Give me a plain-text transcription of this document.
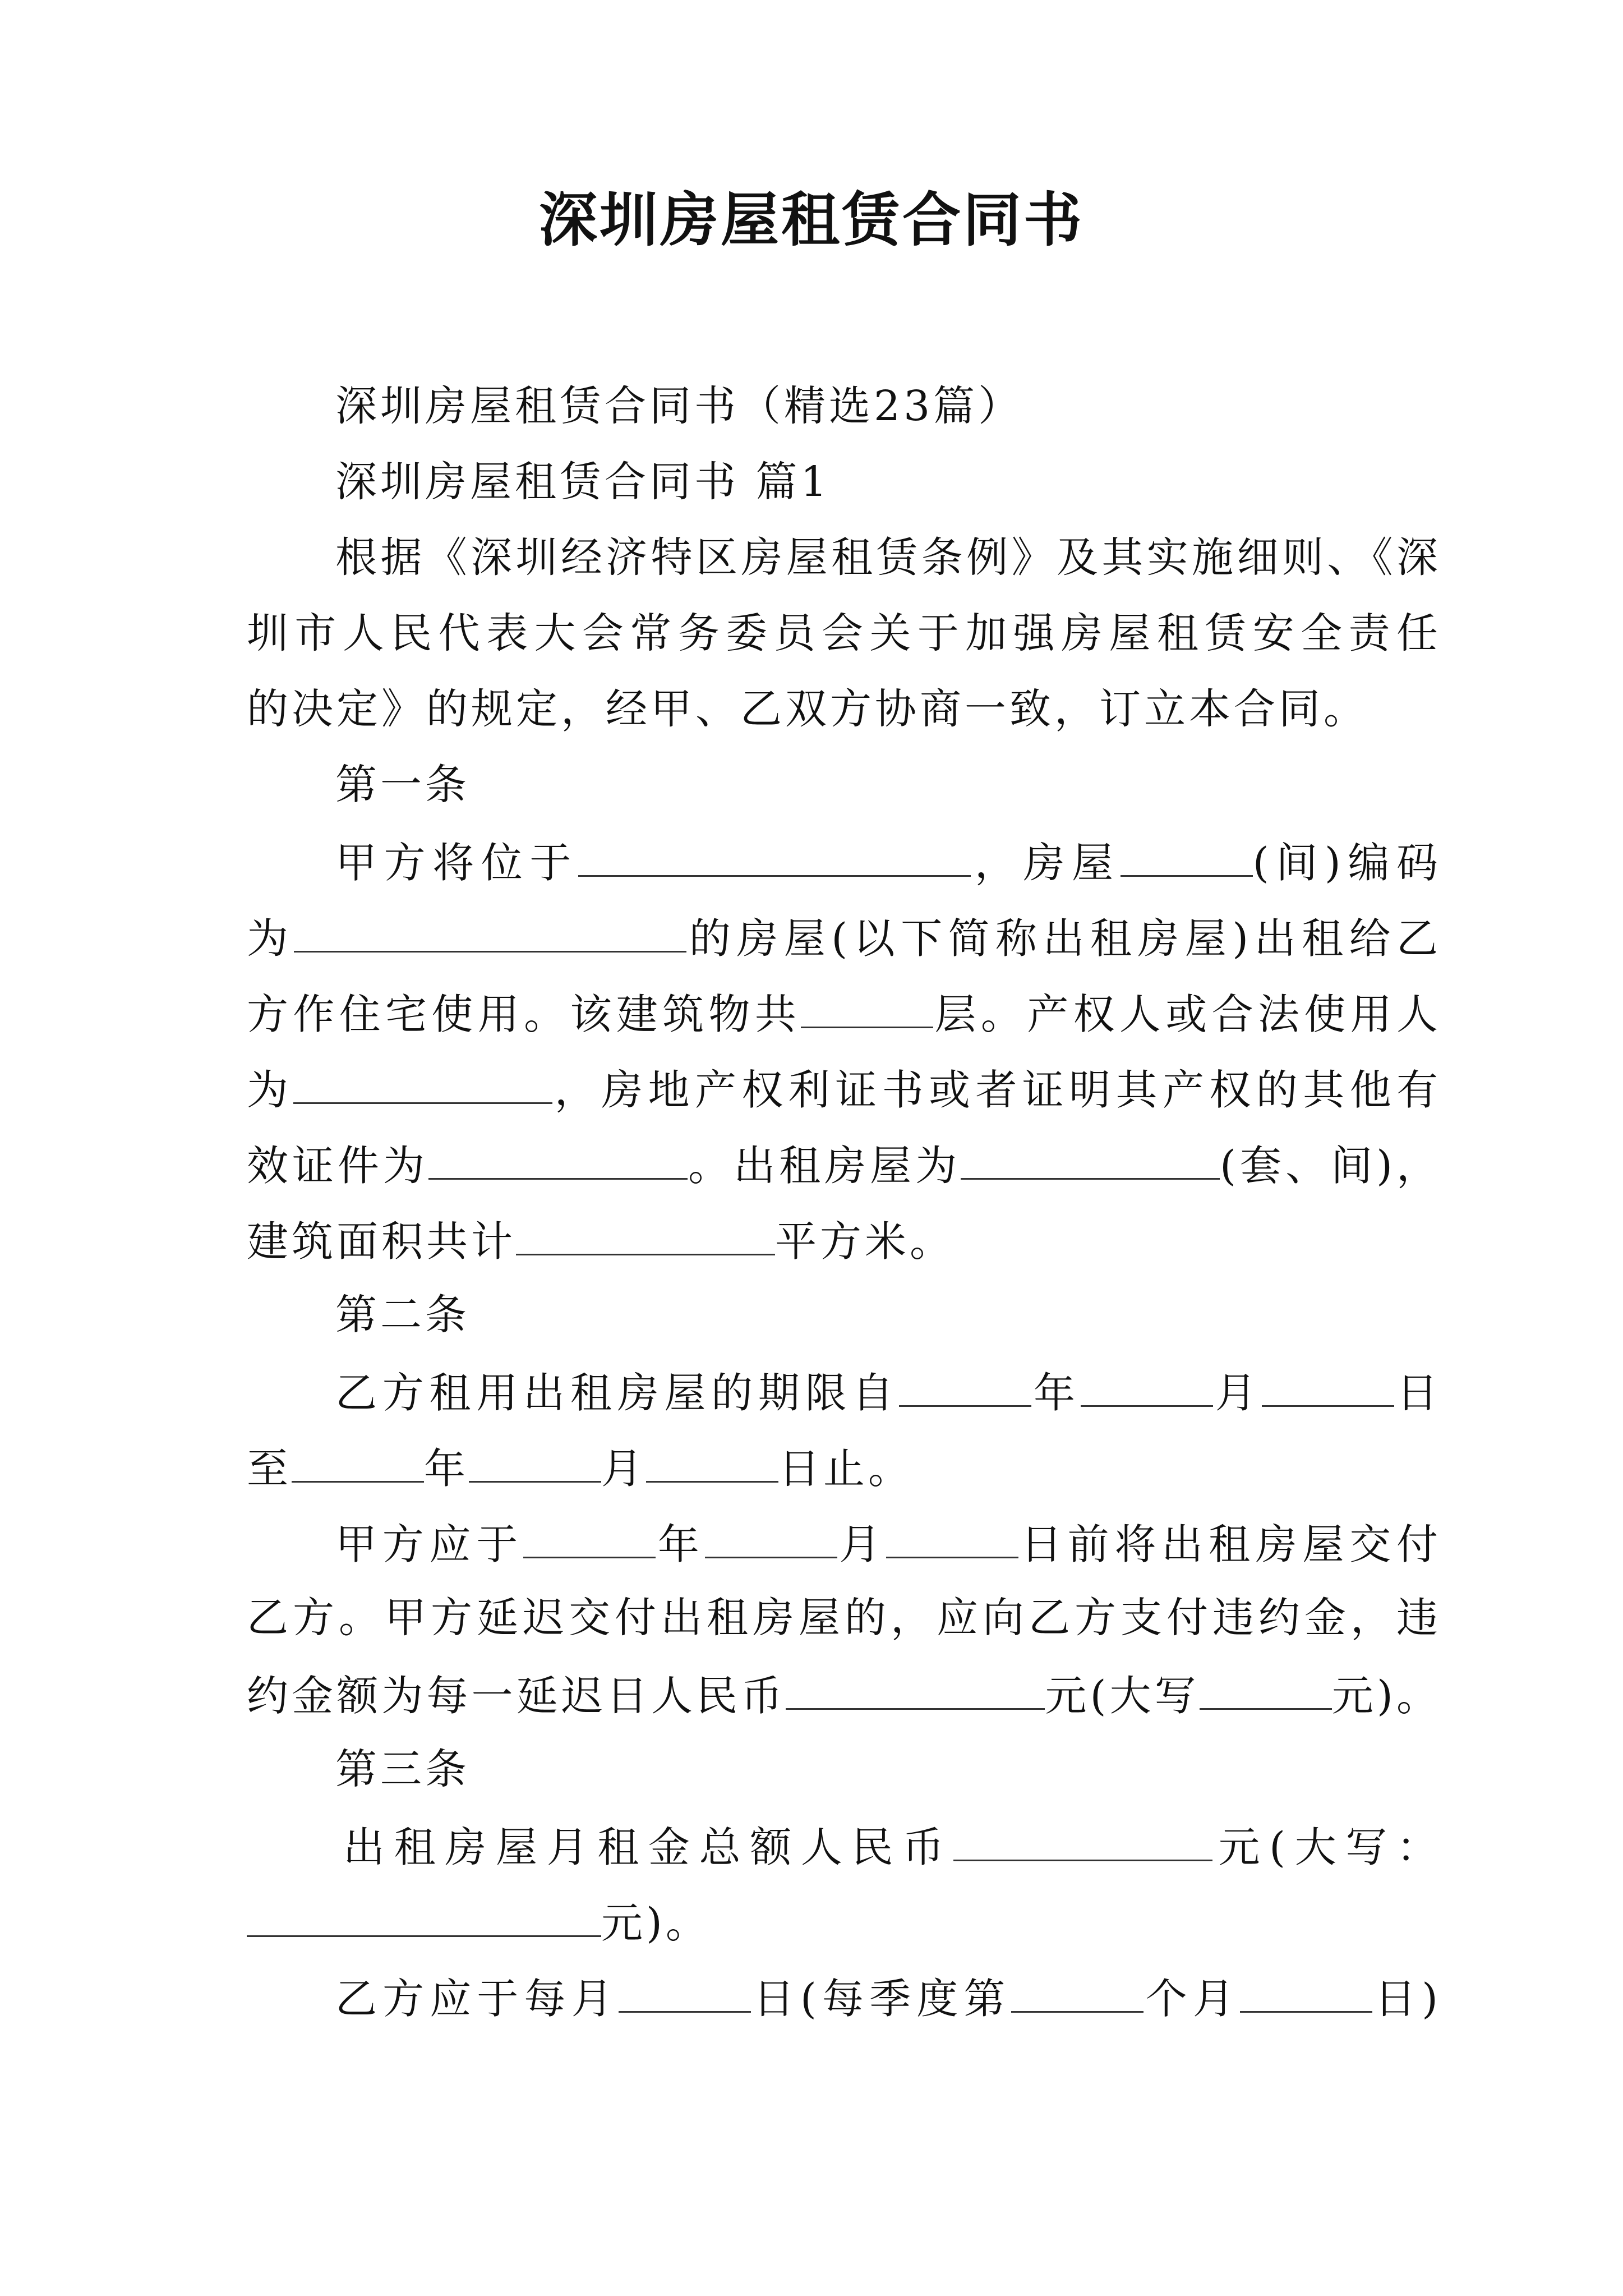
深圳房屋租赁合同书
深圳房屋租赁合同书（精选23篇）
深圳房屋租赁合同书 篇1
根据《深圳经济特区房屋租赁条例》及其实施细则、《深
圳市人民代表大会常务委员会关于加强房屋租赁安全责任
的决定》的规定，经甲、乙双方协商一致，订立本合同。
第一条
甲方将位于	，房屋	(间)编码
为	的房屋(以下简称出租房屋)出租给乙
方作住宅使用。该建筑物共	层。产权人或合法使用人
为	，房地产权利证书或者证明其产权的其他有
效证件为	。出租房屋为	(套、间)，
建筑面积共计	平方米。
第二条
乙方租用出租房屋的期限自	年	月	日
至	年	月	日止。
甲方应于	年	月	日前将出租房屋交付
乙方。甲方延迟交付出租房屋的，应向乙方支付违约金，违
约金额为每一延迟日人民币	元(大写	元)。
第三条
出租房屋月租金总额人民币	元(大写：
元)。
乙方应于每月	日(每季度第	个月	日)
